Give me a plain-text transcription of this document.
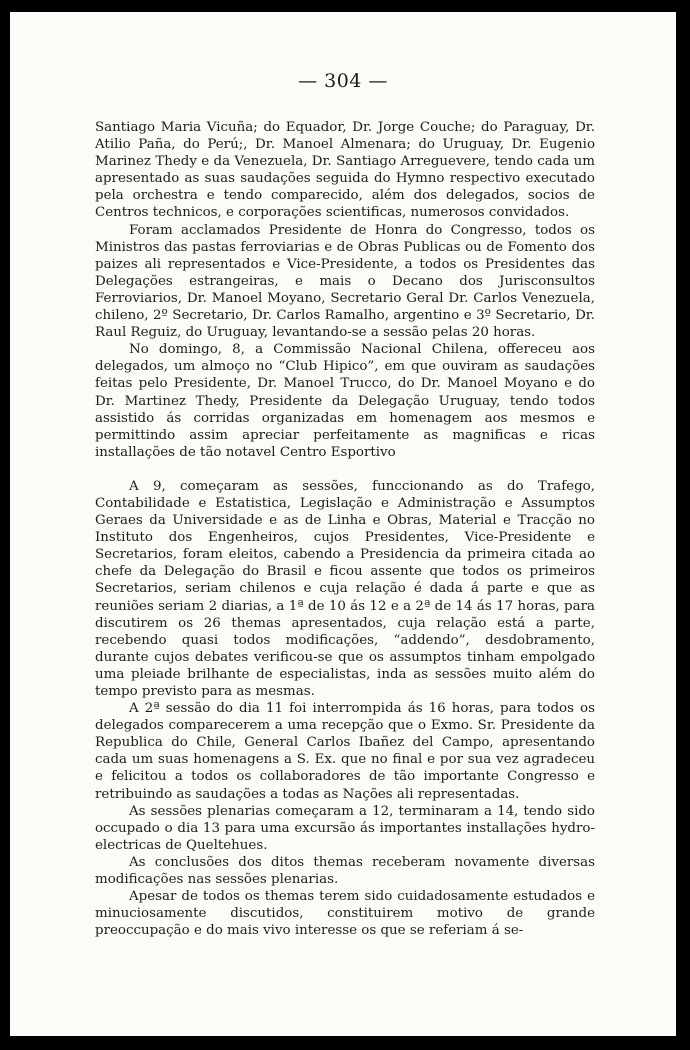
— 304 —

Santiago Maria Vicuña; do Equador, Dr. Jorge Couche; do Paraguay, Dr. Atilio Paña, do Perú;, Dr. Manoel Almenara; do Uruguay, Dr. Eugenio Marinez Thedy e da Venezuela, Dr. Santiago Arreguevere, tendo cada um apresentado as suas saudações seguida do Hymno respectivo executado pela orchestra e tendo comparecido, além dos delegados, socios de Centros technicos, e corporações scientificas, numerosos convidados.

Foram acclamados Presidente de Honra do Congresso, todos os Ministros das pastas ferroviarias e de Obras Publicas ou de Fomento dos paizes ali representados e Vice-Presidente, a todos os Presidentes das Delegações estrangeiras, e mais o Decano dos Jurisconsultos Ferroviarios, Dr. Manoel Moyano, Secretario Geral Dr. Carlos Venezuela, chileno, 2º Secretario, Dr. Carlos Ramalho, argentino e 3º Secretario, Dr. Raul Reguiz, do Uruguay, levantando-se a sessão pelas 20 horas.

No domingo, 8, a Commissão Nacional Chilena, offereceu aos delegados, um almoço no “Club Hipico”, em que ouviram as saudações feitas pelo Presidente, Dr. Manoel Trucco, do Dr. Manoel Moyano e do Dr. Martinez Thedy, Presidente da Delegação Uruguay, tendo todos assistido ás corridas organizadas em homenagem aos mesmos e permittindo assim apreciar perfeitamente as magnificas e ricas installações de tão notavel Centro Esportivo

A 9, começaram as sessões, funccionando as do Trafego, Contabilidade e Estatistica, Legislação e Administração e Assumptos Geraes da Universidade e as de Linha e Obras, Material e Tracção no Instituto dos Engenheiros, cujos Presidentes, Vice-Presidente e Secretarios, foram eleitos, cabendo a Presidencia da primeira citada ao chefe da Delegação do Brasil e ficou assente que todos os primeiros Secretarios, seriam chilenos e cuja relação é dada á parte e que as reuniões seriam 2 diarias, a 1ª de 10 ás 12 e a 2ª de 14 ás 17 horas, para discutirem os 26 themas apresentados, cuja relação está a parte, recebendo quasi todos modificações, “addendo”, desdobramento, durante cujos debates verificou-se que os assumptos tinham empolgado uma pleiade brilhante de especialistas, inda as sessões muito além do tempo previsto para as mesmas.

A 2ª sessão do dia 11 foi interrompida ás 16 horas, para todos os delegados comparecerem a uma recepção que o Exmo. Sr. Presidente da Republica do Chile, General Carlos Ibañez del Campo, apresentando cada um suas homenagens a S. Ex. que no final e por sua vez agradeceu e felicitou a todos os collaboradores de tão importante Congresso e retribuindo as saudações a todas as Nações ali representadas.

As sessões plenarias começaram a 12, terminaram a 14, tendo sido occupado o dia 13 para uma excursão ás importantes installações hydro-electricas de Queltehues.

As conclusões dos ditos themas receberam novamente diversas modificações nas sessões plenarias.

Apesar de todos os themas terem sido cuidadosamente estudados e minuciosamente discutidos, constituirem motivo de grande preoccupação e do mais vivo interesse os que se referiam á se-
